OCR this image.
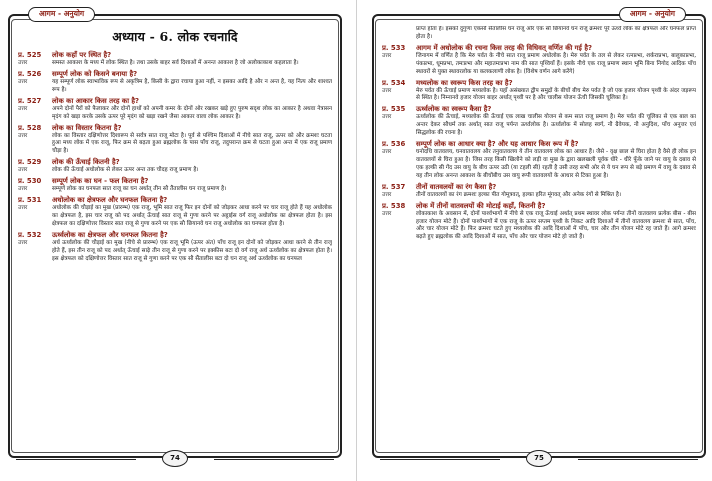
आगम - अनुयोग
अध्याय - 6. लोक रचनादि
प्र. 525	लोक कहाँ पर स्थित है?
उत्तर	समस्त आकाश के मध्य में लोक स्थित है। तथा उसके बाहर सर्व दिशाओं में अनन्त आकाश है जो अलोकाकाश कहलाता है।
प्र. 526	सम्पूर्ण लोक को किसने बनाया है?
उत्तर	यह सम्पूर्ण लोक स्वाभाविक रूप से अकृत्रिम है, किसी के द्वारा रचाया हुआ नहीं, न इसका आदि है और न अन्त है, यह नित्य और शाश्वत रूप है।
प्र. 527	लोक का आकार किस तरह का है?
उत्तर	अपने दोनों पैरों को फैलाकर और दोनों हाथों को अपनी कमर के दोनों ओर रखकर खड़े हुए पुरुष सदृश लोक का आकार है अथवा नेत्रासन मृदंग को खड़ा करके उसके ऊपर पूरे मृदंग को खड़ा रखने जैसा आकार वाला लोक आकार है।
प्र. 528	लोक का विस्तार कितना है?
उत्तर	लोक का विस्तार दक्षिणोत्तर दिशारूप से सर्वत्र सात राजू मोटा है। पूर्व से पश्चिम दिशाओं में नीचे सात राजू, ऊपर को और क्रमशः घटता हुआ मध्य लोक में एक राजू, फिर क्रम से बढ़ता हुआ ब्रह्मलोक के पास पाँच राजू, तदुपरान्त क्रम से घटता हुआ अन्त में एक राजू प्रमाण चौड़ा है।
प्र. 529	लोक की ऊँचाई कितनी है?
उत्तर	लोक की ऊँचाई अधोलोक से लेकर ऊपर अन्त तक चौदह राजू प्रमाण है।
प्र. 530	सम्पूर्ण लोक का घन - फल कितना है?
उत्तर	सम्पूर्ण लोक का घनफल सात राजू का घन अर्थात् तीन सौ तैंतालीस घन राजू प्रमाण है।
प्र. 531	अधोलोक का क्षेत्रफल और घनफल कितना है?
उत्तर	अधोलोक की चौड़ाई का मुख (प्रारम्भ) एक राजू, भूमि सात राजू फिर इन दोनों को जोड़कर आधा करने पर चार राजू होते हैं यह अधोलोक का क्षेत्रफल है, इस चार राजू को पद अर्थात् ऊँचाई सात राजू से गुणा करने पर अट्ठाईस वर्ग राजू अधोलोक का क्षेत्रफल होता है। इस क्षेत्रफल का दक्षिणोत्तर विस्तार सात राजू से गुणा करने पर एक सौ छियानवे घन राजू अधोलोक का घनफल होता है।
प्र. 532	ऊर्ध्वलोक का क्षेत्रफल और घनफल कितना है?
उत्तर	अर्ध ऊर्ध्वलोक की चौड़ाई का मुख (नीचे से प्रारम्भ) एक राजू भूमि (ऊपर अंत) पाँच राजू इन दोनों को जोड़कर आधा करने से तीन राजू होते हैं, इस तीन राजू को पद अर्थात् ऊँचाई साढ़े तीन राजू से गुणा करने पर इक्कीस बटा दो वर्ग राजू अर्ध ऊर्ध्वलोक का क्षेत्रफल होता है। इस क्षेत्रफल को दक्षिणोत्तर विस्तार सात राजू से गुणा करने पर एक सौ सैंतालीस बटा दो घन राजू अर्ध ऊर्ध्वलोक का घनफल
74
आगम - अनुयोग
प्राप्त होता है। इसको दुगुणा एकसौ सैंतालीस घन राजू और एक सौ छियानवे घन राजू क्रमशः पूरे ऊर्ध्व लोक का क्षेत्रफल और घनफल प्राप्त होता है।
प्र. 533	आगम में अधोलोक की रचना किस तरह की विधिवत् वर्णित की गई है?
उत्तर	जिनागम में वर्णित है कि मेरु पर्वत के नीचे सात राजू प्रमाण अधोलोक है। मेरु पर्वत के तल से लेकर रत्नप्रभा, शर्कराप्रभा, बालुकाप्रभा, पंकप्रभा, धूमप्रभा, तमःप्रभा और महातमःप्रभा नाम की सात पृथ्वियाँ हैं। इसके नीचे एक राजू प्रमाण स्थान भूमि बिना निगोद आदिक पाँच स्थावरों से युक्त स्थावरलोक या कलकलाणी लोक है। (विशेष वर्णन आगे करेंगे)
प्र. 534	मध्यलोक का स्वरूप किस तरह का है?
उत्तर	मेरु पर्वत की ऊँचाई प्रमाण मध्यलोक है। यहाँ असंख्यात द्वीप समुद्रों के बीचों बीच मेरु पर्वत है जो एक हजार योजन पृथ्वी के अंदर जड़रूप से स्थित है। निम्नानवे हजार योजन बाहर अर्थात् पृथ्वी पर है और चालीस योजन ऊँची जिसकी चूलिका है।
प्र. 535	ऊर्ध्वलोक का स्वरूप कैसा है?
उत्तर	ऊर्ध्वलोक की ऊँचाई, मध्यलोक की ऊँचाई एक लाख चालीस योजन से कम सात राजू प्रमाण है। मेरु पर्वत की चूलिका से एक बाल का अन्तर देकर सौधर्म तक अर्थात् सात राजू पर्यन्त ऊर्ध्वलोक है। ऊर्ध्वलोक में सोलह स्वर्ग, नौ ग्रैवेयक, नौ अनुदिश, पाँच अनुत्तर एवं सिद्धलोक की रचना है।
प्र. 536	सम्पूर्ण लोक का आधार क्या है? और यह आधार किस रूप में है?
उत्तर	घनोदधि वातवलय, घनवातवलय और तनुवातवलय ये तीन वातवलय लोक का आधार हैं। जैसे - वृक्ष छाल से घिरा होता है वैसे ही लोक इन वातवलयों से घिरा हुआ है। जिस तरह किसी खिलौने को लड़ी वा मुख के द्वारा खलखली पूर्वक धीरे - धीरे फूँके जाने पर वायु के दबाव से एक हल्की सी गेंद उस वायु के बीच ऊपर उठी (या टहली सी) रहती है उसी तरह सभी ओर से ये घन रूप से बड़े प्रमाण में वायु के दबाव से यह तीन लोक अनन्त आकाश के बीचोंबीच उस वायु रूपी वातवलयों के आधार से टिका हुआ है।
प्र. 537	तीनों वातवलयों का रंग कैसा है?
उत्तर	तीनों वातवलयों का रंग क्रमशः हल्का पीत गोमूत्रवत्, हल्का हरित मूंगवत् और अनेक रंगों से मिश्रित है।
प्र. 538	लोक में तीनों वातवलयों की मोटाई कहाँ, कितनी है?
उत्तर	लोकाकाश के अवसान में, दोनों पार्श्वभागों में नीचे से एक राजू ऊँचाई अर्थात् प्रथम स्थावर लोक पर्यन्त तीनों वातवलय प्रत्येक बीस - बीस हजार योजन मोटे हैं। दोनों पार्श्वभागों में एक राजू के ऊपर सप्तम पृथ्वी के निकट आदि दिशाओं में तीनों वातवलय क्रमशः से सात, पाँच, और चार योजन मोटे हैं। फिर क्रमशः घटते हुए मध्यलोक की आदि दिशाओं में पाँच, चार और तीन योजन मोटे रह जाते हैं। आगे क्रमशः बढ़ते हुए ब्रह्मलोक की आदि दिशाओं में सात, पाँच और चार योजन मोटे हो जाते हैं।
75
